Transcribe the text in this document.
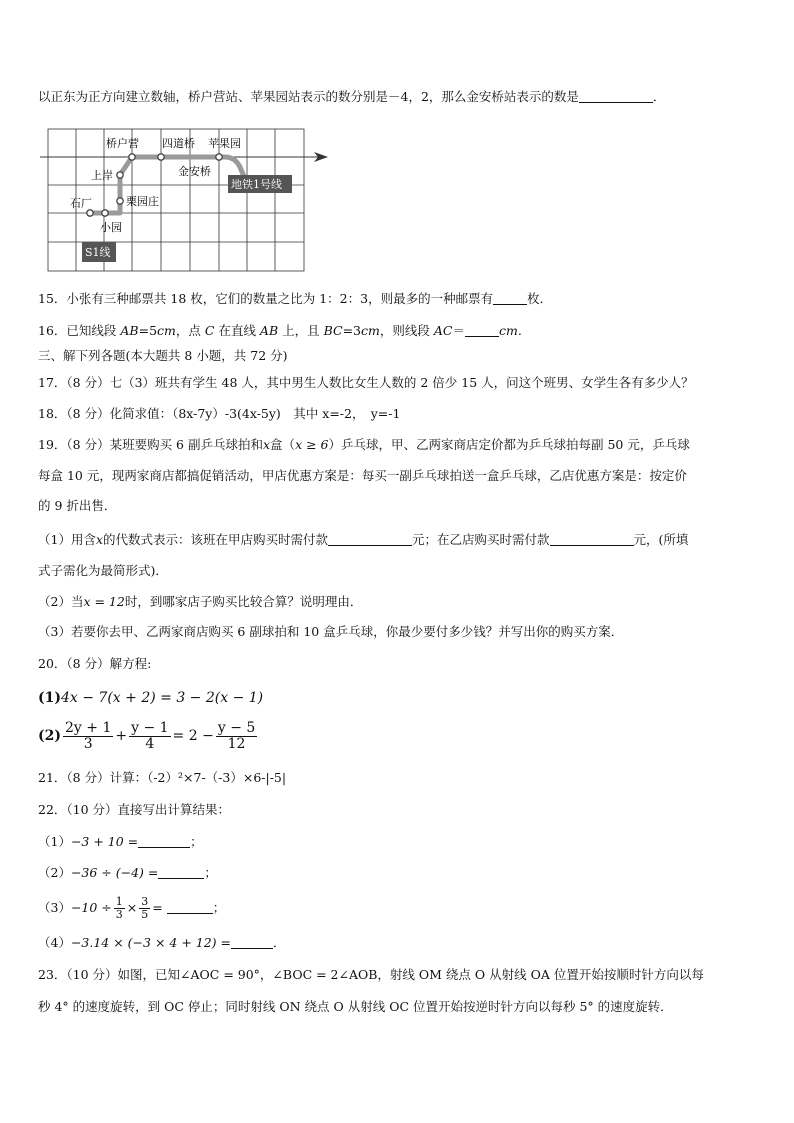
以正东为正方向建立数轴，桥户营站、苹果园站表示的数分别是－4，2，那么金安桥站表示的数是	．
桥户营 四道桥 苹果园
金安桥
上岸
栗园庄
石厂
小园
地铁1号线
S1线
15．小张有三种邮票共 18 枚，它们的数量之比为 1：2：3，则最多的一种邮票有	枚．
16．已知线段 AB=5cm，点 C 在直线 AB 上，且 BC=3cm，则线段 AC＝	cm.
三、解下列各题(本大题共 8 小题，共 72 分)
17．（8 分）七（3）班共有学生 48 人，其中男生人数比女生人数的 2 倍少 15 人，问这个班男、女学生各有多少人？
18．（8 分）化简求值：（8x-7y）-3(4x-5y)　其中 x=-2，　y=-1
19．（8 分）某班要购买 6 副乒乓球拍和x盒（x ≥ 6）乒乓球，甲、乙两家商店定价都为乒乓球拍每副 50 元，乒乓球
每盒 10 元，现两家商店都搞促销活动，甲店优惠方案是：每买一副乒乓球拍送一盒乒乓球，乙店优惠方案是：按定价
的 9 折出售．
（1）用含x的代数式表示：该班在甲店购买时需付款	元；在乙店购买时需付款	元，(所填
式子需化为最简形式)．
（2）当x = 12时，到哪家店子购买比较合算？说明理由．
（3）若要你去甲、乙两家商店购买 6 副球拍和 10 盒乒乓球，你最少要付多少钱？并写出你的购买方案．
20．（8 分）解方程:
(1)4x − 7(x + 2) = 3 − 2(x − 1)
$(2) \frac{2y + 1}{3} + \frac{y - 1}{4} = 2 - \frac{y - 5}{12}$
21．（8 分）计算：（-2）²×7-（-3）×6-|-5|
22．（10 分）直接写出计算结果：
（1）−3 + 10 =	；
（2）−36 ÷ (−4) =	；
$(3)-10 \div \frac{1}{3} \times \frac{3}{5}$ =	；
（4）−3.14 × (−3 × 4 + 12) =	．
23．（10 分）如图，已知∠AOC = 90°，∠BOC = 2∠AOB，射线 OM 绕点 O 从射线 OA 位置开始按顺时针方向以每
秒 4° 的速度旋转，到 OC 停止；同时射线 ON 绕点 O 从射线 OC 位置开始按逆时针方向以每秒 5° 的速度旋转．
